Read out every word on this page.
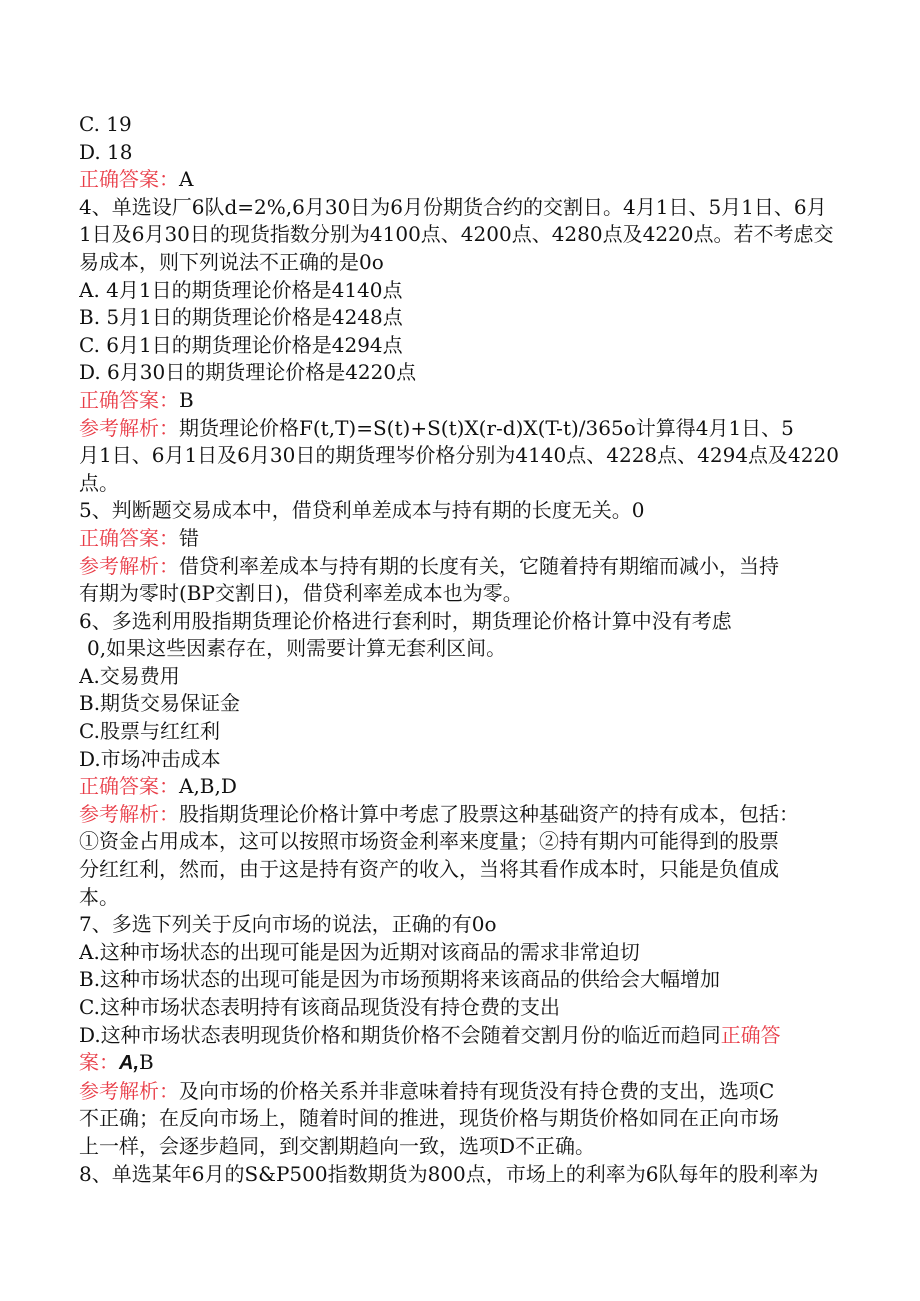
C. 19
D. 18
正确答案：A
4、单选设厂6队d=2%,6月30日为6月份期货合约的交割日。4月1日、5月1日、6月
1日及6月30日的现货指数分别为4100点、4200点、4280点及4220点。若不考虑交
易成本，则下列说法不正确的是0o
A. 4月1日的期货理论价格是4140点
B. 5月1日的期货理论价格是4248点
C. 6月1日的期货理论价格是4294点
D. 6月30日的期货理论价格是4220点
正确答案：B
参考解析：期货理论价格F(t,T)=S(t)+S(t)X(r-d)X(T-t)/365o计算得4月1日、5
月1日、6月1日及6月30日的期货理岑价格分别为4140点、4228点、4294点及4220
点。
5、判断题交易成本中，借贷利单差成本与持有期的长度无关。0
正确答案：错
参考解析：借贷利率差成本与持有期的长度有关，它随着持有期缩而减小，当持
有期为零时(BP交割日)，借贷利率差成本也为零。
6、多选利用股指期货理论价格进行套利时，期货理论价格计算中没有考虑
0,如果这些因素存在，则需要计算无套利区间。
A.交易费用
B.期货交易保证金
C.股票与红红利
D.市场冲击成本
正确答案：A,B,D
参考解析：股指期货理论价格计算中考虑了股票这种基础资产的持有成本，包括：
①资金占用成本，这可以按照市场资金利率来度量；②持有期内可能得到的股票
分红红利，然而，由于这是持有资产的收入，当将其看作成本时，只能是负值成
本。
7、多选下列关于反向市场的说法，正确的有0o
A.这种市场状态的出现可能是因为近期对该商品的需求非常迫切
B.这种市场状态的出现可能是因为市场预期将来该商品的供给会大幅增加
C.这种市场状态表明持有该商品现货没有持仓费的支出
D.这种市场状态表明现货价格和期货价格不会随着交割月份的临近而趋同正确答
案：A,B
参考解析：及向市场的价格关系并非意味着持有现货没有持仓费的支出，选项C
不正确；在反向市场上，随着时间的推进，现货价格与期货价格如同在正向市场
上一样，会逐步趋同，到交割期趋向一致，选项D不正确。
8、单选某年6月的S&P500指数期货为800点，市场上的利率为6队每年的股利率为
